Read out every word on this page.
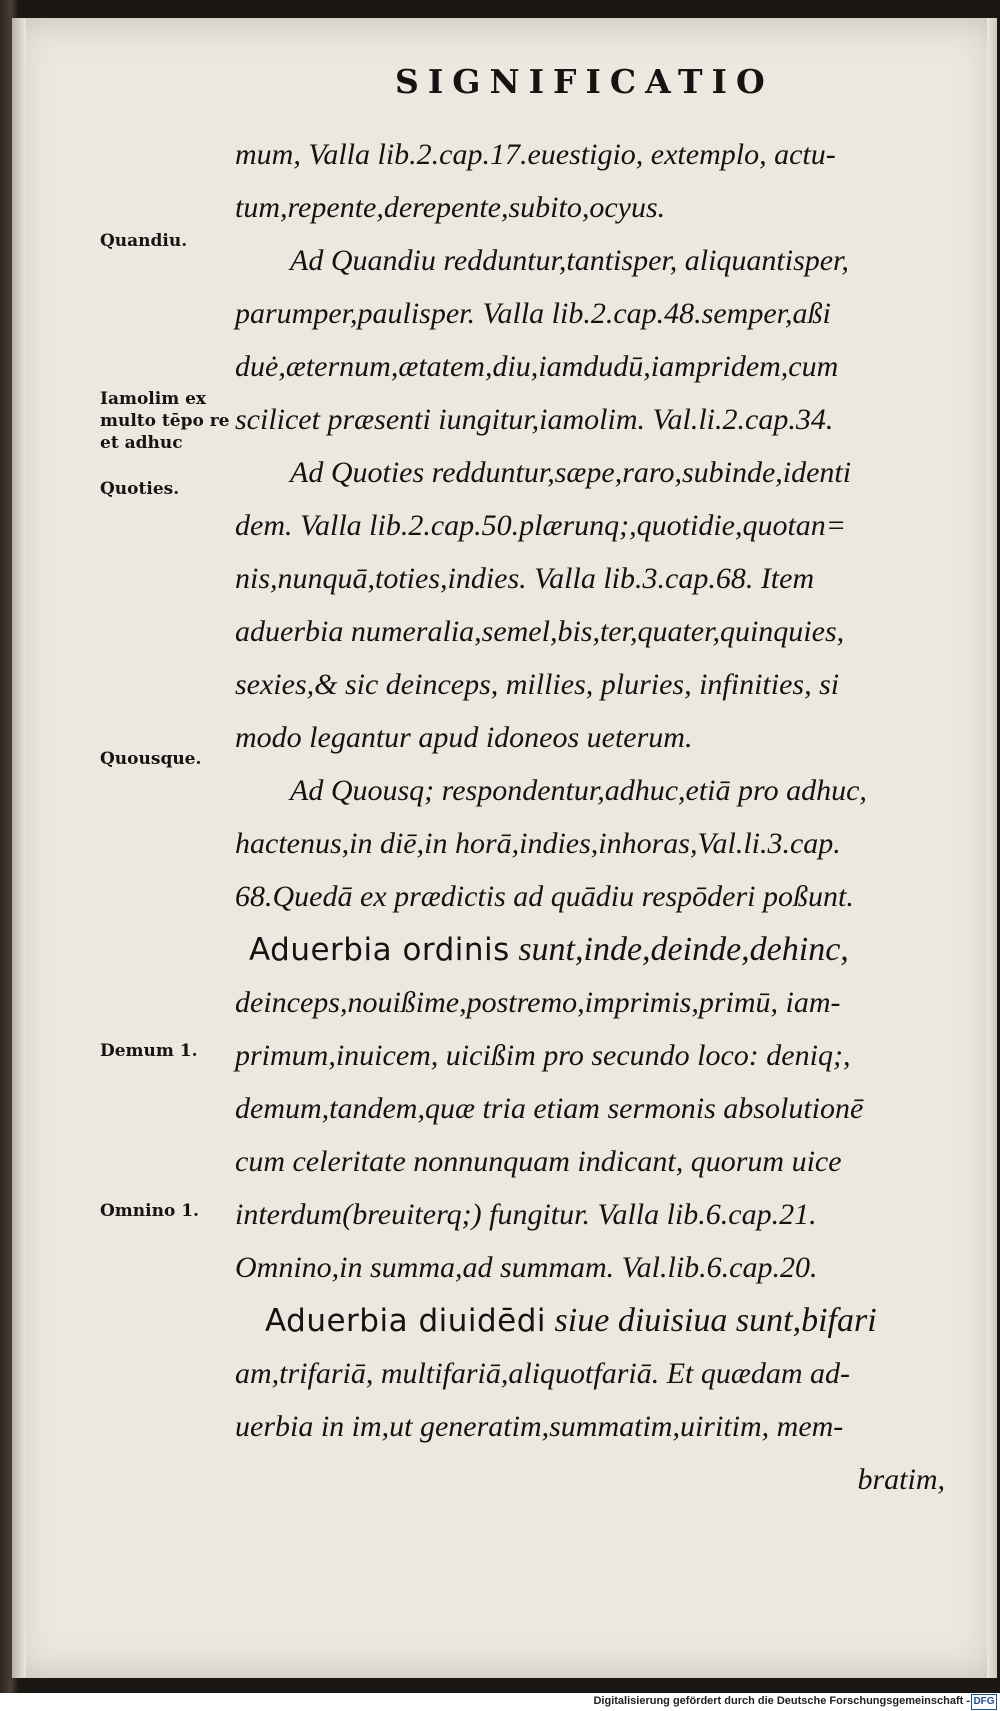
SIGNIFICATIO
Quandiu.
Iamolim ex multo tēpo re et adhuc
Quoties.
Quousque.
Demum 1.
Omnino 1.
mum, Valla lib.2.cap.17.euestigio, extemplo, actu-
tum,repente,derepente,subito,ocyus.
Ad Quandiu redduntur,tantisper, aliquantisper,
parumper,paulisper. Valla lib.2.cap.48.semper,aßi
duė,æternum,ætatem,diu,iamdudū,iampridem,cum
scilicet præsenti iungitur,iamolim. Val.li.2.cap.34.
Ad Quoties redduntur,sæpe,raro,subinde,identi
dem. Valla lib.2.cap.50.plærunq;,quotidie,quotan=
nis,nunquā,toties,indies. Valla lib.3.cap.68. Item
aduerbia numeralia,semel,bis,ter,quater,quinquies,
sexies,& sic deinceps, millies, pluries, infinities, si
modo legantur apud idoneos ueterum.
Ad Quousq; respondentur,adhuc,etiā pro adhuc,
hactenus,in diē,in horā,indies,inhoras,Val.li.3.cap.
68.Quedā ex prædictis ad quādiu respōderi poßunt.
Aduerbia ordinis sunt,inde,deinde,dehinc,
deinceps,nouißime,postremo,imprimis,primū, iam-
primum,inuicem, uicißim pro secundo loco: deniq;,
demum,tandem,quæ tria etiam sermonis absolutionē
cum celeritate nonnunquam indicant, quorum uice
interdum(breuiterq;) fungitur. Valla lib.6.cap.21.
Omnino,in summa,ad summam. Val.lib.6.cap.20.
Aduerbia diuidēdi siue diuisiua sunt,bifari
am,trifariā, multifariā,aliquotfariā. Et quædam ad-
uerbia in im,ut generatim,summatim,uiritim, mem-
bratim,
Digitalisierung gefördert durch die Deutsche Forschungsgemeinschaft - DFG
